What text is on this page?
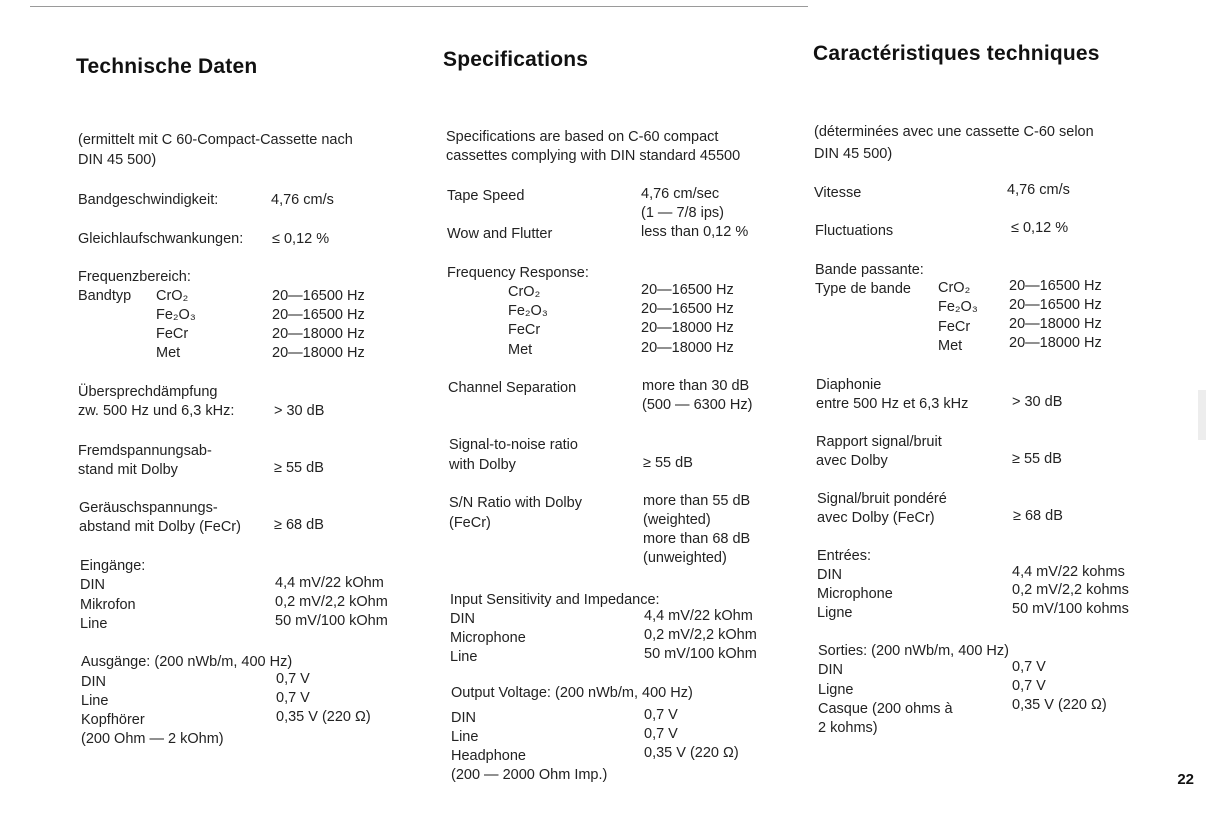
Technische Daten
(ermittelt mit C 60-Compact-Cassette nach
DIN 45 500)
Bandgeschwindigkeit:	4,76 cm/s
Gleichlaufschwankungen: ≤ 0,12 %
Frequenzbereich:
Bandtyp CrO₂	20—16500 Hz
Fe₂O₃	20—16500 Hz
FeCr	20—18000 Hz
Met	20—18000 Hz
Übersprechdämpfung
zw. 500 Hz und 6,3 kHz:	> 30 dB
Fremdspannungsab-
stand mit Dolby	≥ 55 dB
Geräuschspannungs-
abstand mit Dolby (FeCr) ≥ 68 dB
Eingänge:
DIN	4,4 mV/22 kOhm
Mikrofon	0,2 mV/2,2 kOhm
Line	50 mV/100 kOhm
Ausgänge: (200 nWb/m, 400 Hz)
DIN	0,7 V
Line	0,7 V
Kopfhörer	0,35 V (220 Ω)
(200 Ohm — 2 kOhm)
Specifications
Specifications are based on C-60 compact
cassettes complying with DIN standard 45500
Tape Speed	4,76 cm/sec
(1 — 7/8 ips)
Wow and Flutter	less than 0,12 %
Frequency Response:
CrO₂	20—16500 Hz
Fe₂O₃	20—16500 Hz
FeCr	20—18000 Hz
Met	20—18000 Hz
Channel Separation	more than 30 dB
(500 — 6300 Hz)
Signal-to-noise ratio
with Dolby	≥ 55 dB
S/N Ratio with Dolby
(FeCr)
more than 55 dB
(weighted)
more than 68 dB
(unweighted)
Input Sensitivity and Impedance:
DIN	4,4 mV/22 kOhm
Microphone	0,2 mV/2,2 kOhm
Line	50 mV/100 kOhm
Output Voltage: (200 nWb/m, 400 Hz)
DIN	0,7 V
Line	0,7 V
Headphone	0,35 V (220 Ω)
(200 — 2000 Ohm Imp.)
Caractéristiques techniques
(déterminées avec une cassette C-60 selon
DIN 45 500)
Vitesse	4,76 cm/s
Fluctuations	≤ 0,12 %
Bande passante:
Type de bande CrO₂	20—16500 Hz
Fe₂O₃ 20—16500 Hz
FeCr	20—18000 Hz
Met	20—18000 Hz
Diaphonie
entre 500 Hz et 6,3 kHz	> 30 dB
Rapport signal/bruit
avec Dolby	≥ 55 dB
Signal/bruit pondéré
avec Dolby (FeCr)	≥ 68 dB
Entrées:
DIN	4,4 mV/22 kohms
Microphone	0,2 mV/2,2 kohms
Ligne	50 mV/100 kohms
Sorties: (200 nWb/m, 400 Hz)
DIN	0,7 V
Ligne	0,7 V
Casque (200 ohms à	0,35 V (220 Ω)
2 kohms)
22
